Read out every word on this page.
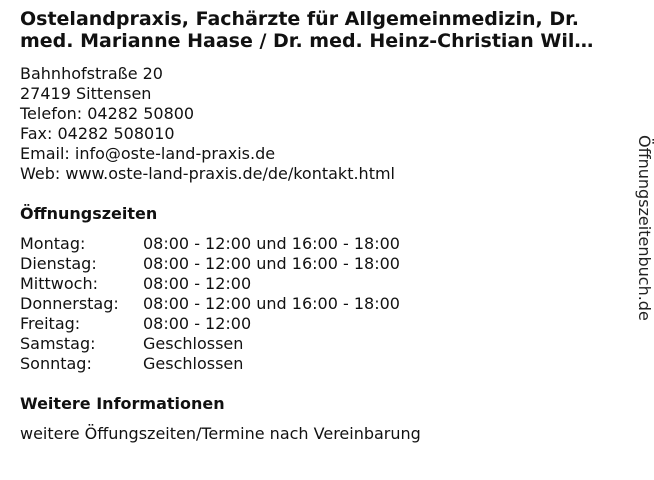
Ostelandpraxis, Fachärzte für Allgemeinmedizin, Dr.
med. Marianne Haase / Dr. med. Heinz-Christian Wil…
Bahnhofstraße 20
27419 Sittensen
Telefon: 04282 50800
Fax: 04282 508010
Email: info@oste-land-praxis.de
Web: www.oste-land-praxis.de/de/kontakt.html
Öffnungszeiten
Montag:	08:00 - 12:00 und 16:00 - 18:00
Dienstag:	08:00 - 12:00 und 16:00 - 18:00
Mittwoch:	08:00 - 12:00
Donnerstag: 08:00 - 12:00 und 16:00 - 18:00
Freitag:	08:00 - 12:00
Samstag:	Geschlossen
Sonntag:	Geschlossen
Weitere Informationen
weitere Öffungszeiten/Termine nach Vereinbarung
Öffnungszeitenbuch.de
